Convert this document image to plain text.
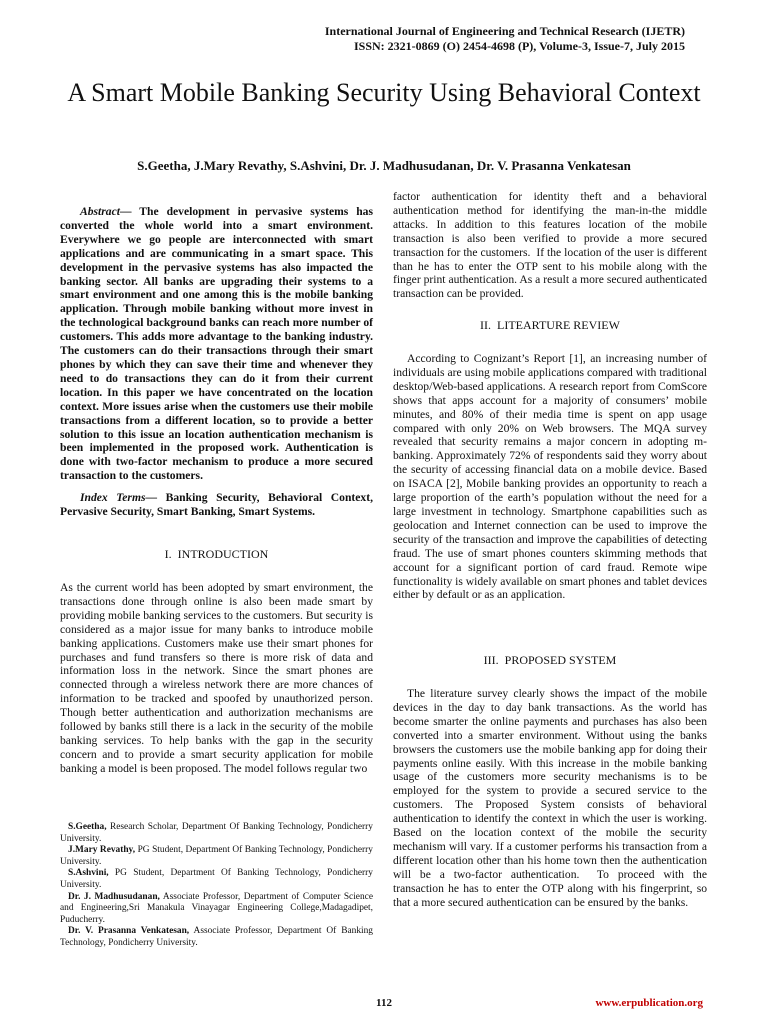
International Journal of Engineering and Technical Research (IJETR)
ISSN: 2321-0869 (O) 2454-4698 (P), Volume-3, Issue-7, July 2015
A Smart Mobile Banking Security Using Behavioral Context
S.Geetha, J.Mary Revathy, S.Ashvini, Dr. J. Madhusudanan, Dr. V. Prasanna Venkatesan
Abstract— The development in pervasive systems has converted the whole world into a smart environment. Everywhere we go people are interconnected with smart applications and are communicating in a smart space. This development in the pervasive systems has also impacted the banking sector. All banks are upgrading their systems to a smart environment and one among this is the mobile banking application. Through mobile banking without more invest in the technological background banks can reach more number of customers. This adds more advantage to the banking industry. The customers can do their transactions through their smart phones by which they can save their time and whenever they need to do transactions they can do it from their current location. In this paper we have concentrated on the location context. More issues arise when the customers use their mobile transactions from a different location, so to provide a better solution to this issue an location authentication mechanism is been implemented in the proposed work. Authentication is done with two-factor mechanism to produce a more secured transaction to the customers.
Index Terms— Banking Security, Behavioral Context, Pervasive Security, Smart Banking, Smart Systems.
I.  INTRODUCTION
As the current world has been adopted by smart environment, the transactions done through online is also been made smart by providing mobile banking services to the customers. But security is considered as a major issue for many banks to introduce mobile banking applications. Customers make use their smart phones for purchases and fund transfers so there is more risk of data and information loss in the network. Since the smart phones are connected through a wireless network there are more chances of information to be tracked and spoofed by unauthorized person. Though better authentication and authorization mechanisms are followed by banks still there is a lack in the security of the mobile banking services. To help banks with the gap in the security concern and to provide a smart security application for mobile banking a model is been proposed. The model follows regular two

S.Geetha, Research Scholar, Department Of Banking Technology, Pondicherry University.

J.Mary Revathy, PG Student, Department Of Banking Technology, Pondicherry University.

S.Ashvini, PG Student, Department Of Banking Technology, Pondicherry University.

Dr. J. Madhusudanan, Associate Professor, Department of Computer Science and Engineering,Sri Manakula Vinayagar Engineering College,Madagadipet, Puducherry.

Dr. V. Prasanna Venkatesan, Associate Professor, Department Of Banking Technology, Pondicherry University.

factor authentication for identity theft and a behavioral authentication method for identifying the man-in-the middle attacks. In addition to this features location of the mobile transaction is also been verified to provide a more secured transaction for the customers.  If the location of the user is different than he has to enter the OTP sent to his mobile along with the finger print authentication. As a result a more secured authenticated transaction can be provided.
II.  LITEARTURE REVIEW
According to Cognizant’s Report [1], an increasing number of individuals are using mobile applications compared with traditional desktop/Web-based applications. A research report from ComScore shows that apps account for a majority of consumers’ mobile minutes, and 80% of their media time is spent on app usage compared with only 20% on Web browsers. The MQA survey revealed that security remains a major concern in adopting m-banking. Approximately 72% of respondents said they worry about the security of accessing financial data on a mobile device. Based on ISACA [2], Mobile banking provides an opportunity to reach a large proportion of the earth’s population without the need for a large investment in technology. Smartphone capabilities such as geolocation and Internet connection can be used to improve the security of the transaction and improve the capabilities of detecting fraud. The use of smart phones counters skimming methods that account for a significant portion of card fraud. Remote wipe functionality is widely available on smart phones and tablet devices either by default or as an application.
III.  PROPOSED SYSTEM
The literature survey clearly shows the impact of the mobile devices in the day to day bank transactions. As the world has become smarter the online payments and purchases has also been converted into a smarter environment. Without using the banks browsers the customers use the mobile banking app for doing their payments online easily. With this increase in the mobile banking usage of the customers more security mechanisms is to be employed for the system to provide a secured service to the customers. The Proposed System consists of behavioral authentication to identify the context in which the user is working. Based on the location context of the mobile the security mechanism will vary. If a customer performs his transaction from a different location other than his home town then the authentication will be a two-factor authentication.  To proceed with the transaction he has to enter the OTP along with his fingerprint, so that a more secured authentication can be ensured by the banks.
112	www.erpublication.org
